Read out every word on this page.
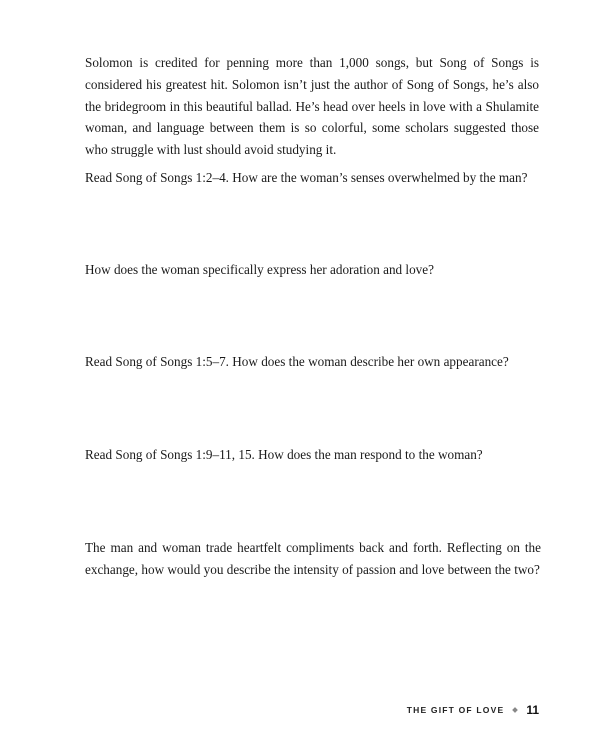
Solomon is credited for penning more than 1,000 songs, but Song of Songs is considered his greatest hit. Solomon isn’t just the author of Song of Songs, he’s also the bridegroom in this beautiful ballad. He’s head over heels in love with a Shulamite woman, and language between them is so colorful, some scholars suggested those who struggle with lust should avoid studying it.

Read Song of Songs 1:2–4. How are the woman’s senses overwhelmed by the man?

How does the woman specifically express her adoration and love?

Read Song of Songs 1:5–7. How does the woman describe her own appearance?

Read Song of Songs 1:9–11, 15. How does the man respond to the woman?

The man and woman trade heartfelt compliments back and forth. Reflecting on the exchange, how would you describe the intensity of passion and love between the two?

THE GIFT OF LOVE 11
